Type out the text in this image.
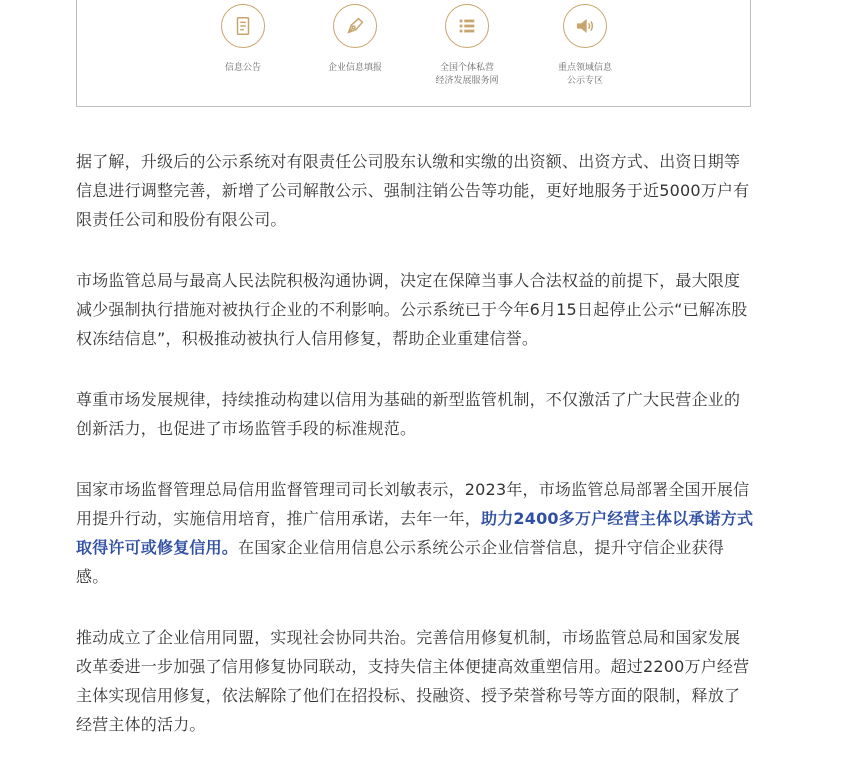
信息公告	企业信息填报	全国个体私营
经济发展服务网
重点领域信息
公示专区

据了解，升级后的公示系统对有限责任公司股东认缴和实缴的出资额、出资方式、出资日期等信息进行调整完善，新增了公司解散公示、强制注销公告等功能，更好地服务于近5000万户有限责任公司和股份有限公司。

市场监管总局与最高人民法院积极沟通协调，决定在保障当事人合法权益的前提下，最大限度减少强制执行措施对被执行企业的不利影响。公示系统已于今年6月15日起停止公示“已解冻股权冻结信息”，积极推动被执行人信用修复，帮助企业重建信誉。

尊重市场发展规律，持续推动构建以信用为基础的新型监管机制，不仅激活了广大民营企业的创新活力，也促进了市场监管手段的标准规范。

国家市场监督管理总局信用监督管理司司长刘敏表示，2023年，市场监管总局部署全国开展信用提升行动，实施信用培育，推广信用承诺，去年一年，助力2400多万户经营主体以承诺方式取得许可或修复信用。在国家企业信用信息公示系统公示企业信誉信息，提升守信企业获得感。

推动成立了企业信用同盟，实现社会协同共治。完善信用修复机制，市场监管总局和国家发展改革委进一步加强了信用修复协同联动，支持失信主体便捷高效重塑信用。超过2200万户经营主体实现信用修复，依法解除了他们在招投标、投融资、授予荣誉称号等方面的限制，释放了经营主体的活力。
